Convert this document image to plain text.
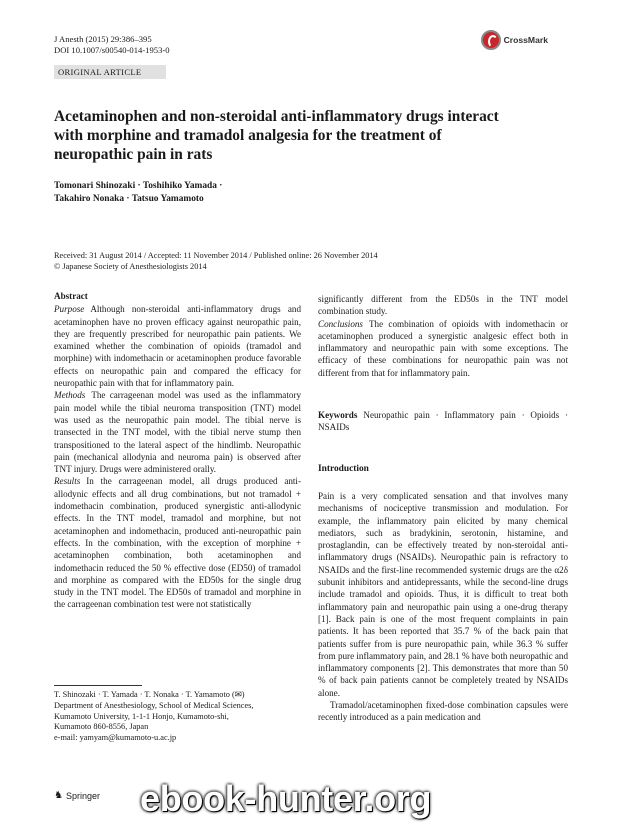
J Anesth (2015) 29:386–395
DOI 10.1007/s00540-014-1953-0
CrossMark
ORIGINAL ARTICLE
Acetaminophen and non-steroidal anti-inflammatory drugs interact with morphine and tramadol analgesia for the treatment of neuropathic pain in rats
Tomonari Shinozaki · Toshihiko Yamada ·
Takahiro Nonaka · Tatsuo Yamamoto
Received: 31 August 2014 / Accepted: 11 November 2014 / Published online: 26 November 2014
© Japanese Society of Anesthesiologists 2014

Abstract

Purpose Although non-steroidal anti-inflammatory drugs and acetaminophen have no proven efficacy against neuropathic pain, they are frequently prescribed for neuropathic pain patients. We examined whether the combination of opioids (tramadol and morphine) with indomethacin or acetaminophen produce favorable effects on neuropathic pain and compared the efficacy for neuropathic pain with that for inflammatory pain.

Methods The carrageenan model was used as the inflammatory pain model while the tibial neuroma transposition (TNT) model was used as the neuropathic pain model. The tibial nerve is transected in the TNT model, with the tibial nerve stump then transpositioned to the lateral aspect of the hindlimb. Neuropathic pain (mechanical allodynia and neuroma pain) is observed after TNT injury. Drugs were administered orally.

Results In the carrageenan model, all drugs produced anti-allodynic effects and all drug combinations, but not tramadol + indomethacin combination, produced synergistic anti-allodynic effects. In the TNT model, tramadol and morphine, but not acetaminophen and indomethacin, produced anti-neuropathic pain effects. In the combination, with the exception of morphine + acetaminophen combination, both acetaminophen and indomethacin reduced the 50 % effective dose (ED50) of tramadol and morphine as compared with the ED50s for the single drug study in the TNT model. The ED50s of tramadol and morphine in the carrageenan combination test were not statistically

T. Shinozaki · T. Yamada · T. Nonaka · T. Yamamoto (✉)
Department of Anesthesiology, School of Medical Sciences,
Kumamoto University, 1-1-1 Honjo, Kumamoto-shi,
Kumamoto 860-8556, Japan
e-mail: yamyam@kumamoto-u.ac.jp

significantly different from the ED50s in the TNT model combination study.

Conclusions The combination of opioids with indomethacin or acetaminophen produced a synergistic analgesic effect both in inflammatory and neuropathic pain with some exceptions. The efficacy of these combinations for neuropathic pain was not different from that for inflammatory pain.

Keywords Neuropathic pain · Inflammatory pain · Opioids · NSAIDs
Introduction

Pain is a very complicated sensation and that involves many mechanisms of nociceptive transmission and modulation. For example, the inflammatory pain elicited by many chemical mediators, such as bradykinin, serotonin, histamine, and prostaglandin, can be effectively treated by non-steroidal anti-inflammatory drugs (NSAIDs). Neuropathic pain is refractory to NSAIDs and the first-line recommended systemic drugs are the α2δ subunit inhibitors and antidepressants, while the second-line drugs include tramadol and opioids. Thus, it is difficult to treat both inflammatory pain and neuropathic pain using a one-drug therapy [1]. Back pain is one of the most frequent complaints in pain patients. It has been reported that 35.7 % of the back pain that patients suffer from is pure neuropathic pain, while 36.3 % suffer from pure inflammatory pain, and 28.1 % have both neuropathic and inflammatory components [2]. This demonstrates that more than 50 % of back pain patients cannot be completely treated by NSAIDs alone.

Tramadol/acetaminophen fixed-dose combination capsules were recently introduced as a pain medication and

♞ Springer ebook-hunter.org
